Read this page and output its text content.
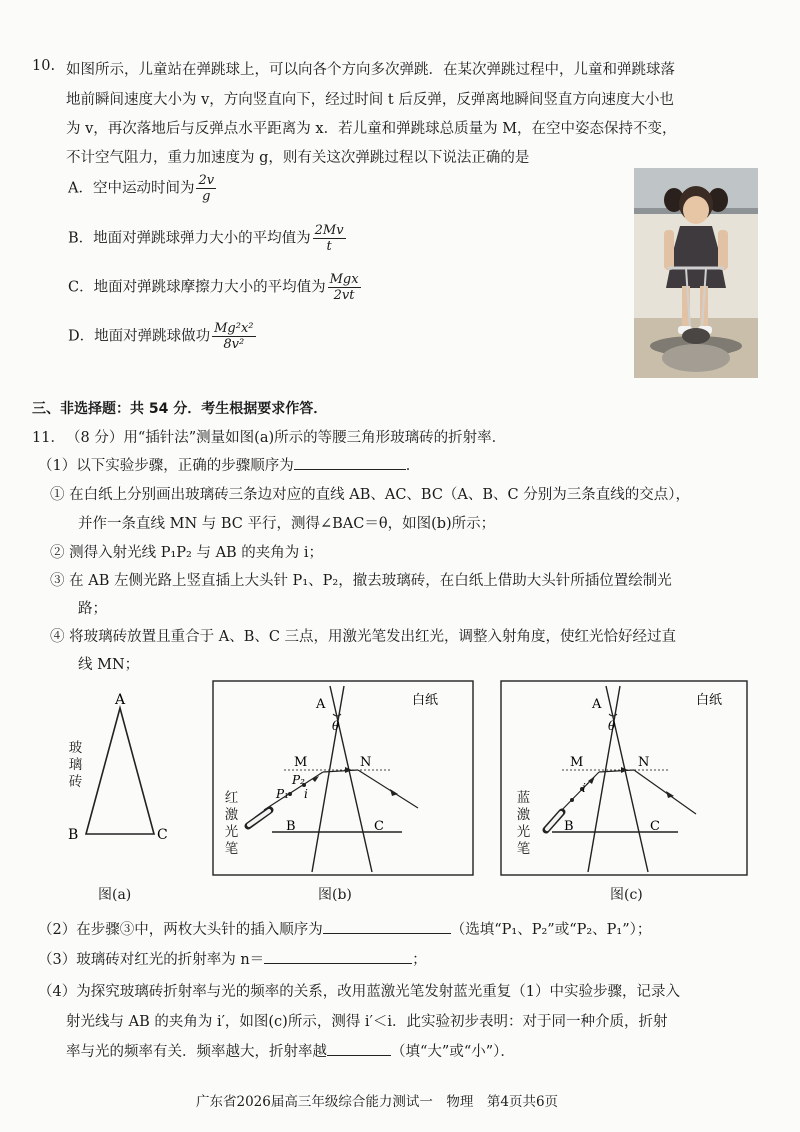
10. 如图所示，儿童站在弹跳球上，可以向各个方向多次弹跳．在某次弹跳过程中，儿童和弹跳球落
地前瞬间速度大小为 v，方向竖直向下，经过时间 t 后反弹，反弹离地瞬间竖直方向速度大小也
为 v，再次落地后与反弹点水平距离为 x．若儿童和弹跳球总质量为 M，在空中姿态保持不变，
不计空气阻力，重力加速度为 g，则有关这次弹跳过程以下说法正确的是
A．空中运动时间为 $\frac{2v}{g}$
B．地面对弹跳球弹力大小的平均值为 $\frac{2Mv}{t}$
C．地面对弹跳球摩擦力大小的平均值为 $\frac{\text{Mgx}}{2vt}$
D．地面对弹跳球做功 $\frac{\text{Mg²x²}}{\text{8v²}}$
三、非选择题：共 54 分．考生根据要求作答．
11． （8 分）用“插针法”测量如图(a)所示的等腰三角形玻璃砖的折射率．
（1）以下实验步骤，正确的步骤顺序为	．
① 在白纸上分别画出玻璃砖三条边对应的直线 AB、AC、BC（A、B、C 分别为三条直线的交点），
并作一条直线 MN 与 BC 平行，测得∠BAC＝θ，如图(b)所示；
② 测得入射光线 P₁P₂ 与 AB 的夹角为 i；
③ 在 AB 左侧光路上竖直插上大头针 P₁、P₂，撤去玻璃砖，在白纸上借助大头针所插位置绘制光
路；
④ 将玻璃砖放置且重合于 A、B、C 三点，用激光笔发出红光，调整入射角度，使红光恰好经过直
线 MN；
A
B	C
玻璃砖
图(a)
A
θ
M	N
P₂
P₁ i
B	C
白纸
红激光笔
图(b)
A
θ
M	N
i′
B	C
白纸
蓝激光笔
图(c)
（2）在步骤③中，两枚大头针的插入顺序为	（选填“P₁、P₂”或“P₂、P₁”）；
（3）玻璃砖对红光的折射率为 n＝	；
（4）为探究玻璃砖折射率与光的频率的关系，改用蓝激光笔发射蓝光重复（1）中实验步骤，记录入
射光线与 AB 的夹角为 i′，如图(c)所示，测得 i′＜i．此实验初步表明：对于同一种介质，折射
率与光的频率有关．频率越大，折射率越	（填“大”或“小”）．
广东省2026届高三年级综合能力测试一　物理　第4页共6页
